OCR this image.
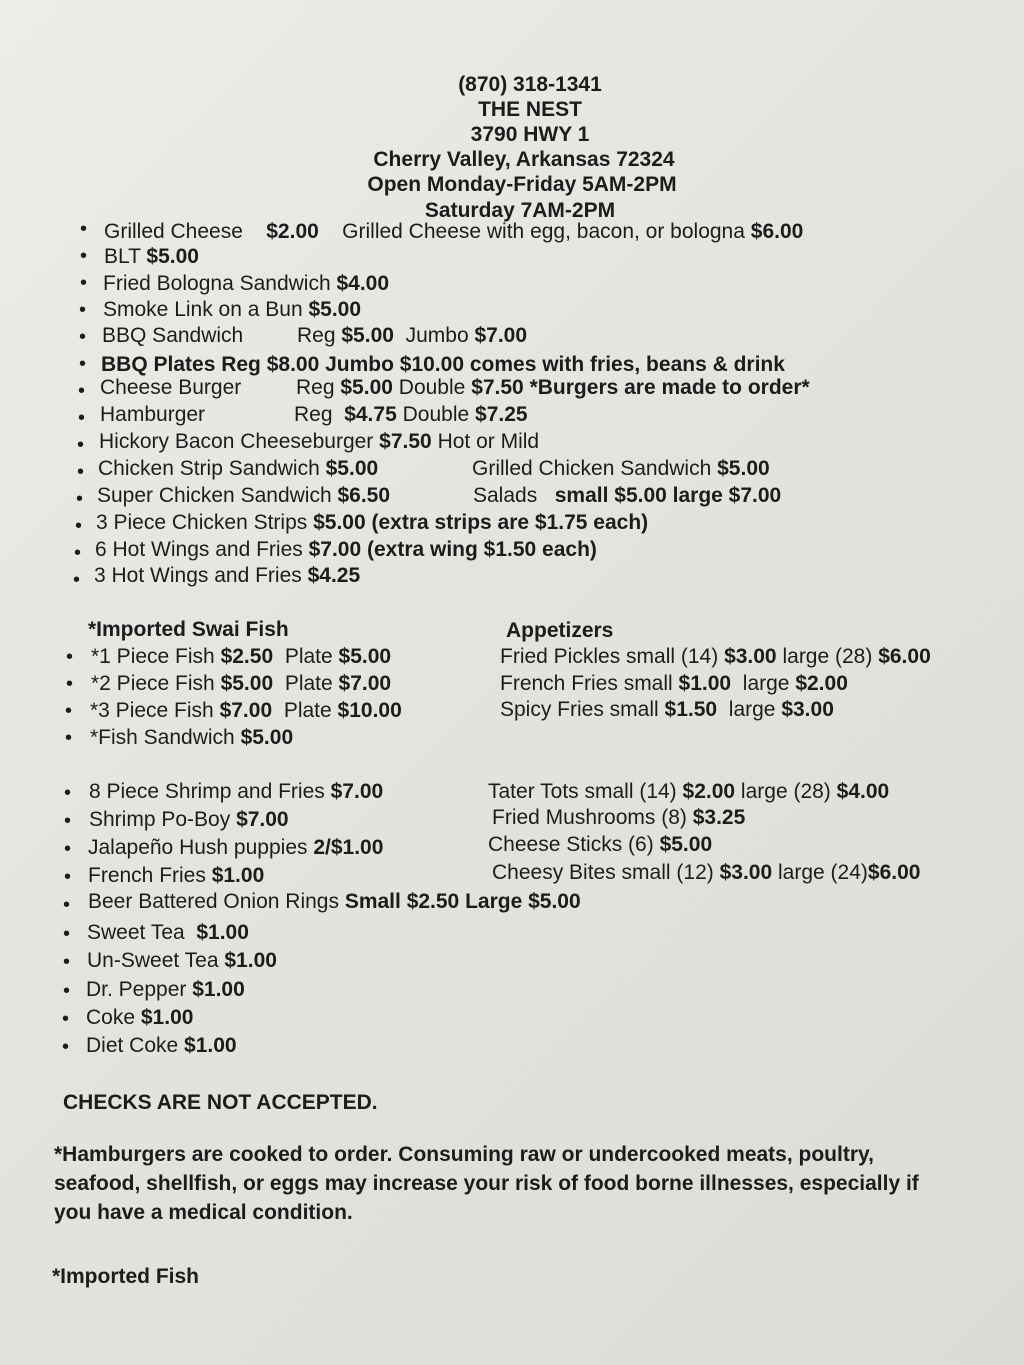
(870) 318-1341
THE NEST
3790 HWY 1
Cherry Valley, Arkansas 72324
Open Monday-Friday 5AM-2PM
Saturday 7AM-2PM
•
•
•
•
•
•
•
•
•
•
•
•
•
•
Grilled Cheese $2.00 Grilled Cheese with egg, bacon, or bologna $6.00
BLT $5.00
Fried Bologna Sandwich $4.00
Smoke Link on a Bun $5.00
BBQ Sandwich	Reg $5.00 Jumbo $7.00
BBQ Plates Reg $8.00 Jumbo $10.00 comes with fries, beans & drink
Cheese Burger	Reg $5.00 Double $7.50 *Burgers are made to order*
Hamburger	Reg $4.75 Double $7.25
Hickory Bacon Cheeseburger $7.50 Hot or Mild
Chicken Strip Sandwich $5.00	Grilled Chicken Sandwich $5.00
Super Chicken Sandwich $6.50	Salads small $5.00 large $7.00
3 Piece Chicken Strips $5.00 (extra strips are $1.75 each)
6 Hot Wings and Fries $7.00 (extra wing $1.50 each)
3 Hot Wings and Fries $4.25
*Imported Swai Fish
•
•
•
•
*1 Piece Fish $2.50 Plate $5.00
*2 Piece Fish $5.00 Plate $7.00
*3 Piece Fish $7.00 Plate $10.00
*Fish Sandwich $5.00
Appetizers
Fried Pickles small (14) $3.00 large (28) $6.00
French Fries small $1.00 large $2.00
Spicy Fries small $1.50 large $3.00
•
•
•
•
•
•
•
•
•
•
8 Piece Shrimp and Fries $7.00
Shrimp Po-Boy $7.00
Jalapeño Hush puppies 2/$1.00
French Fries $1.00
Beer Battered Onion Rings Small $2.50 Large $5.00
Sweet Tea $1.00
Un-Sweet Tea $1.00
Dr. Pepper $1.00
Coke $1.00
Diet Coke $1.00
Tater Tots small (14) $2.00 large (28) $4.00
Fried Mushrooms (8) $3.25
Cheese Sticks (6) $5.00
Cheesy Bites small (12) $3.00 large (24)$6.00
CHECKS ARE NOT ACCEPTED.
*Hamburgers are cooked to order. Consuming raw or undercooked meats, poultry, seafood, shellfish, or eggs may increase your risk of food borne illnesses, especially if you have a medical condition.
*Imported Fish
